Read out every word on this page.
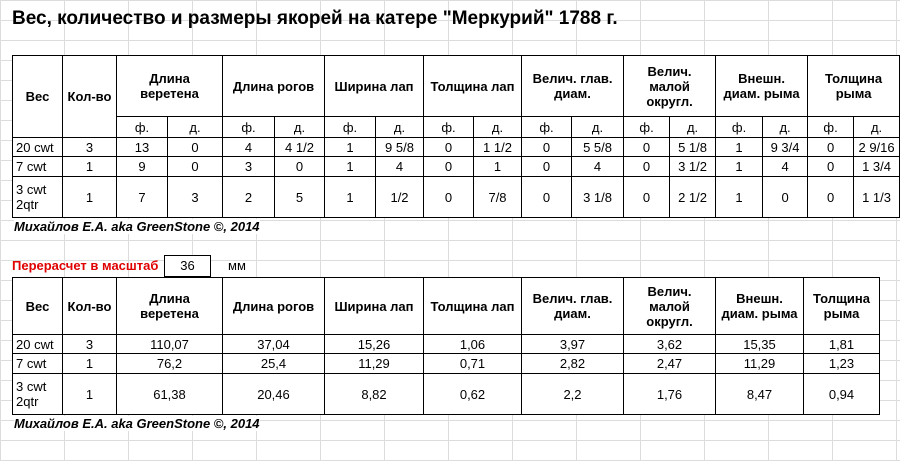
Вес, количество и размеры якорей на катере "Меркурий" 1788 г.
Вес	Кол-во	Длина веретена		Длина рогов		Ширина лап		Толщина лап		Велич. глав. диам.		Велич. малой округл.		Внешн. диам. рыма		Толщина рыма	
		ф.	д.	ф.	д.	ф.	д.	ф.	д.	ф.	д.	ф.	д.	ф.	д.	ф.	д.
20 cwt	3	13	0	4	4 1/2	1	9 5/8	0	1 1/2	0	5 5/8	0	5 1/8	1	9 3/4	0	2 9/16
7 cwt	1	9	0	3	0	1	4	0	1	0	4	0	3 1/2	1	4	0	1 3/4
3 cwt 2qtr	1	7	3	2	5	1	1/2	0	7/8	0	3 1/8	0	2 1/2	1	0	0	1 1/3
Михайлов Е.А. aka GreenStone ©, 2014
Перерасчет в масштаб	36	мм
Вес	Кол-во	Длина веретена	Длина рогов	Ширина лап	Толщина лап	Велич. глав. диам.	Велич. малой округл.	Внешн. диам. рыма	Толщина рыма
20 cwt	3	110,07	37,04	15,26	1,06	3,97	3,62	15,35	1,81
7 cwt	1	76,2	25,4	11,29	0,71	2,82	2,47	11,29	1,23
3 cwt 2qtr	1	61,38	20,46	8,82	0,62	2,2	1,76	8,47	0,94
Михайлов Е.А. aka GreenStone ©, 2014
